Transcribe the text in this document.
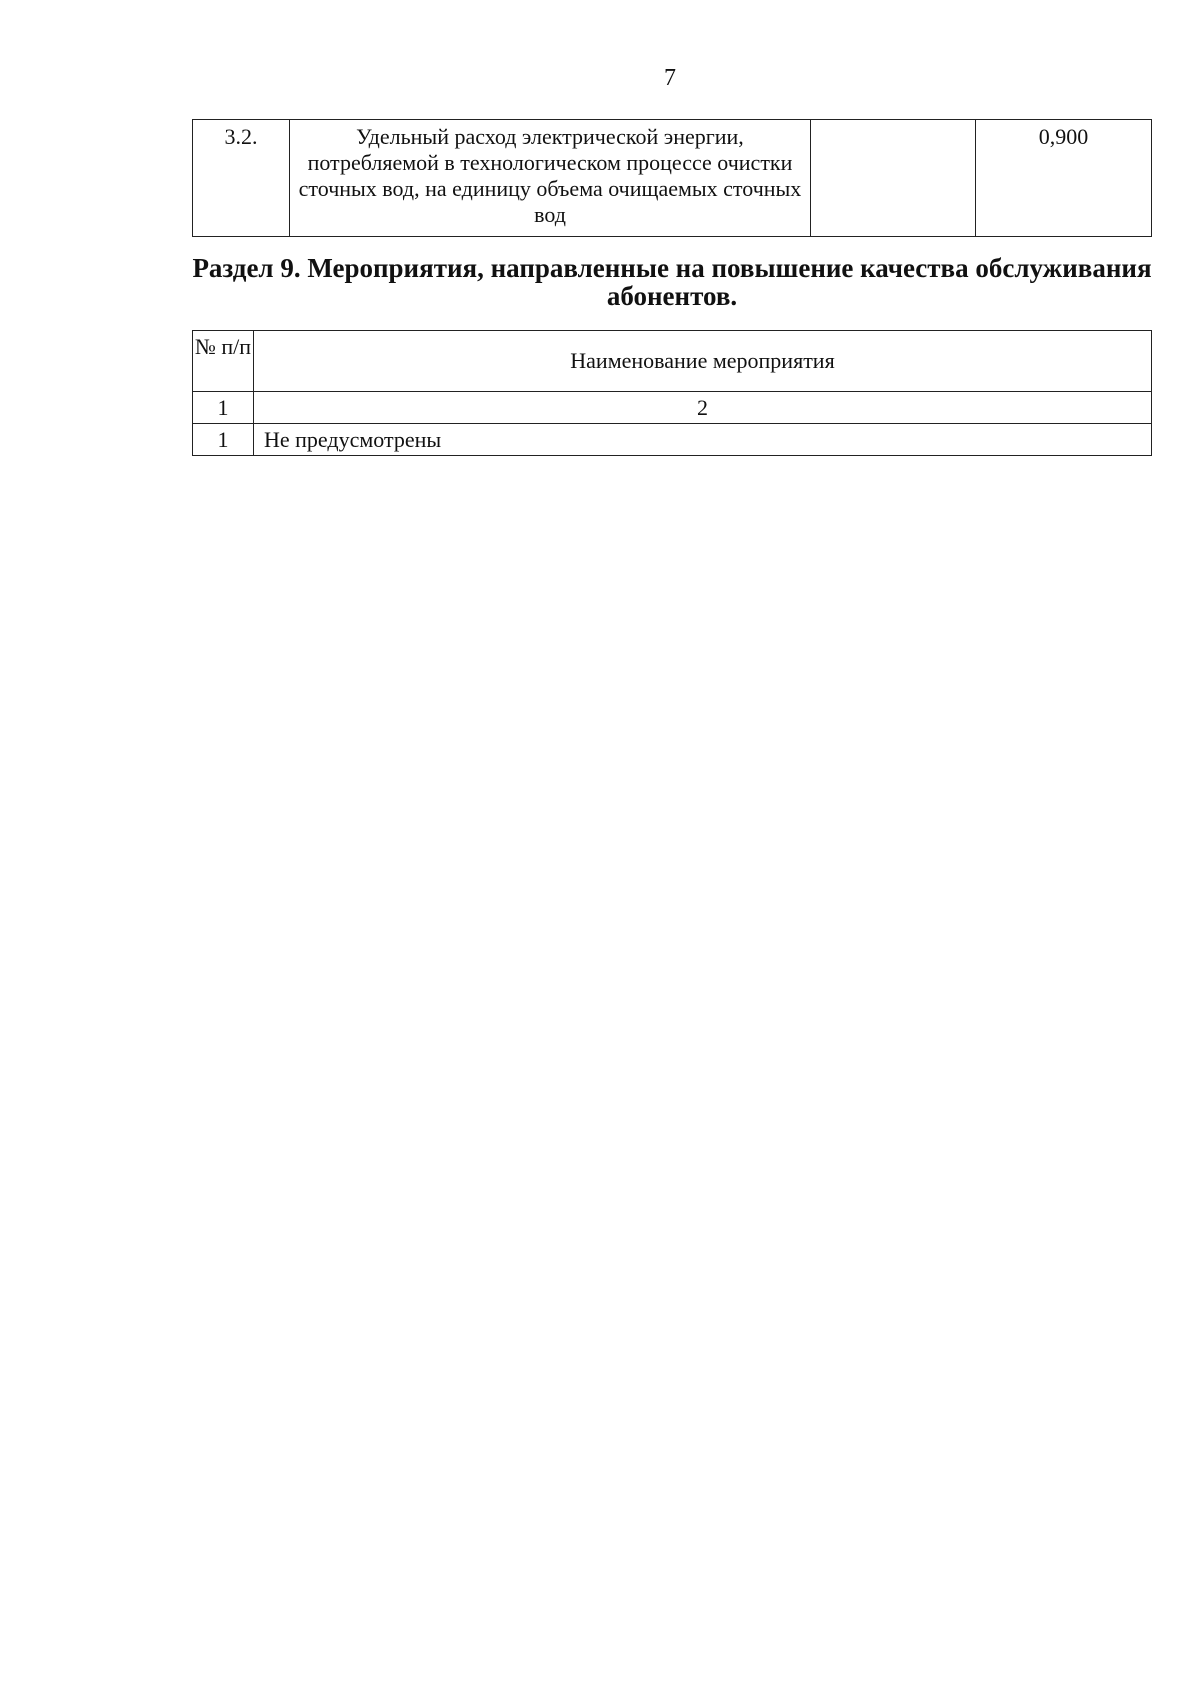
7
3.2.	Удельный расход электрической энергии, потребляемой в технологическом процессе очистки сточных вод, на единицу объема очищаемых сточных вод		0,900
Раздел 9. Мероприятия, направленные на повышение качества обслуживания абонентов.
№ п/п	Наименование мероприятия
1	2
1	Не предусмотрены
